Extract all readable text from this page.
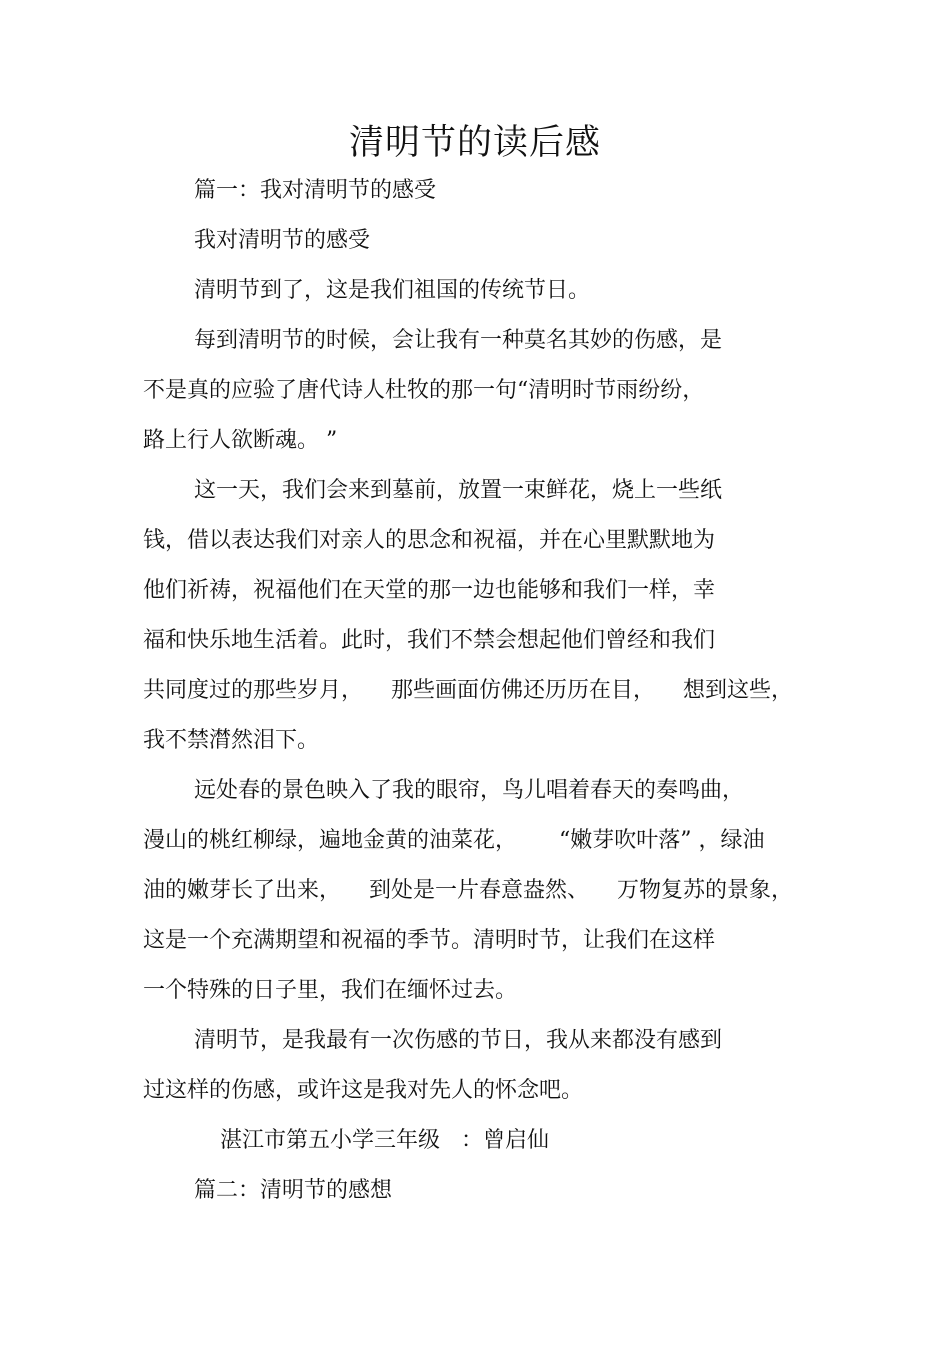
清明节的读后感

篇一：我对清明节的感受

我对清明节的感受

清明节到了，这是我们祖国的传统节日。

每到清明节的时候，会让我有一种莫名其妙的伤感，是

不是真的应验了唐代诗人杜牧的那一句“清明时节雨纷纷，

路上行人欲断魂。 ”

这一天，我们会来到墓前，放置一束鲜花，烧上一些纸

钱，借以表达我们对亲人的思念和祝福，并在心里默默地为

他们祈祷，祝福他们在天堂的那一边也能够和我们一样，幸

福和快乐地生活着。此时，我们不禁会想起他们曾经和我们

共同度过的那些岁月，    那些画面仿佛还历历在目，    想到这些，

我不禁潸然泪下。

远处春的景色映入了我的眼帘，鸟儿唱着春天的奏鸣曲，

漫山的桃红柳绿，遍地金黄的油菜花，      “嫩芽吹叶落” ，绿油

油的嫩芽长了出来，    到处是一片春意盎然、    万物复苏的景象，

这是一个充满期望和祝福的季节。清明时节，让我们在这样

一个特殊的日子里，我们在缅怀过去。

清明节，是我最有一次伤感的节日，我从来都没有感到

过这样的伤感，或许这是我对先人的怀念吧。

湛江市第五小学三年级   ：曾启仙

篇二：清明节的感想
